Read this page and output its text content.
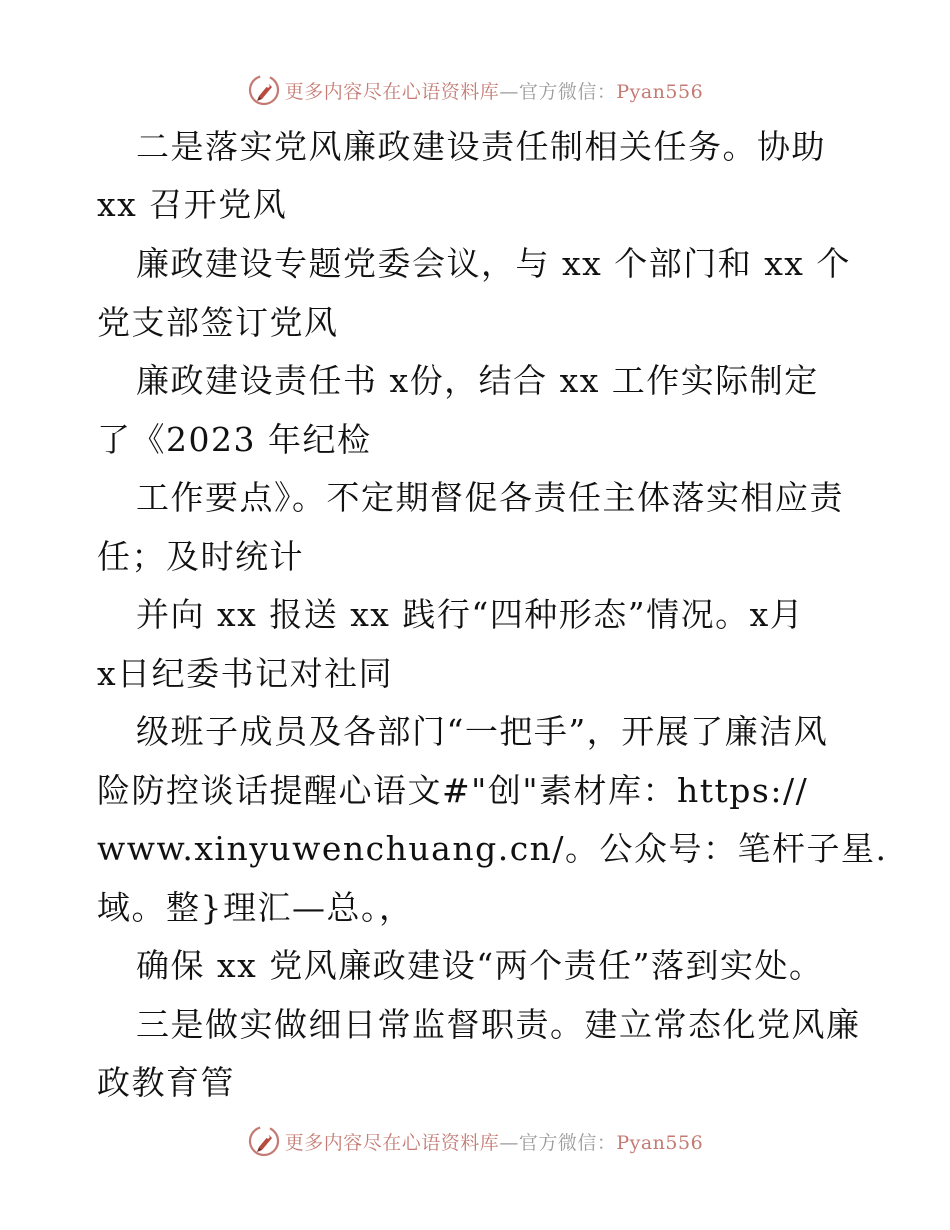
更多内容尽在心语资料库—官方微信：Pyan556
二是落实党风廉政建设责任制相关任务。协助
xx 召开党风
廉政建设专题党委会议，与 xx 个部门和 xx 个
党支部签订党风
廉政建设责任书 x份，结合 xx 工作实际制定
了《2023 年纪检
工作要点》。不定期督促各责任主体落实相应责
任；及时统计
并向 xx 报送 xx 践行“四种形态”情况。x月
x日纪委书记对社同
级班子成员及各部门“一把手”，开展了廉洁风
险防控谈话提醒心语文#"创"素材库：https://
www.xinyuwenchuang.cn/。公众号：笔杆子星.
域。整}理汇—总。，
确保 xx 党风廉政建设“两个责任”落到实处。
三是做实做细日常监督职责。建立常态化党风廉
政教育管
更多内容尽在心语资料库—官方微信：Pyan556
